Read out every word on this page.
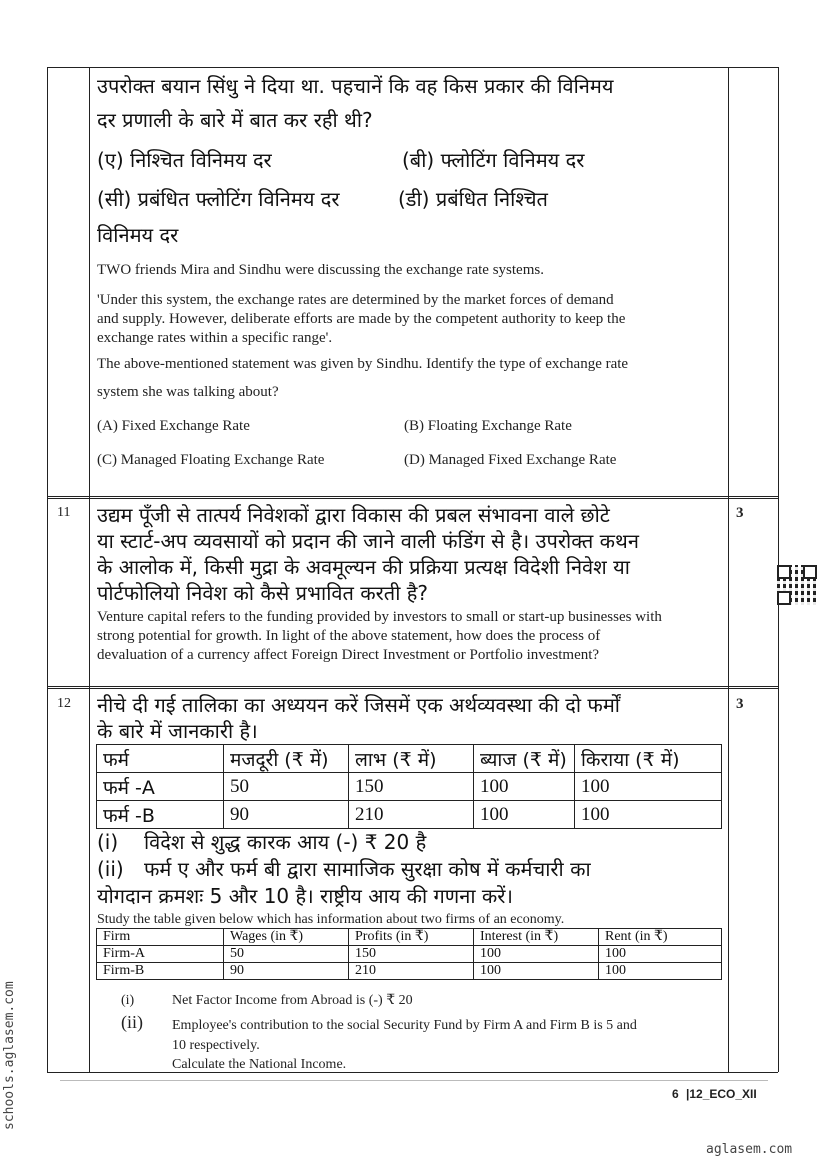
उपरोक्त बयान सिंधु ने दिया था. पहचानें कि वह किस प्रकार की विनिमय
दर प्रणाली के बारे में बात कर रही थी?
(ए) निश्चित विनिमय दर	(बी) फ्लोटिंग विनिमय दर
(सी) प्रबंधित फ्लोटिंग विनिमय दर	(डी) प्रबंधित निश्चित
विनिमय दर
TWO friends Mira and Sindhu were discussing the exchange rate systems.
'Under this system, the exchange rates are determined by the market forces of demand
and supply. However, deliberate efforts are made by the competent authority to keep the
exchange rates within a specific range'.
The above-mentioned statement was given by Sindhu. Identify the type of exchange rate
system she was talking about?
(A) Fixed Exchange Rate	(B) Floating Exchange Rate
(C) Managed Floating Exchange Rate	(D) Managed Fixed Exchange Rate
11	3
उद्यम पूँजी से तात्पर्य निवेशकों द्वारा विकास की प्रबल संभावना वाले छोटे
या स्टार्ट-अप व्यवसायों को प्रदान की जाने वाली फंडिंग से है। उपरोक्त कथन
के आलोक में, किसी मुद्रा के अवमूल्यन की प्रक्रिया प्रत्यक्ष विदेशी निवेश या
पोर्टफोलियो निवेश को कैसे प्रभावित करती है?
Venture capital refers to the funding provided by investors to small or start-up businesses with
strong potential for growth. In light of the above statement, how does the process of
devaluation of a currency affect Foreign Direct Investment or Portfolio investment?
12	3
नीचे दी गई तालिका का अध्ययन करें जिसमें एक अर्थव्यवस्था की दो फर्मों
के बारे में जानकारी है।
फर्म	मजदूरी (₹ में)	लाभ (₹ में)	ब्याज (₹ में)	किराया (₹ में)
फर्म -A	50	150	100	100
फर्म -B	90	210	100	100
(i) विदेश से शुद्ध कारक आय (-) ₹ 20 है
(ii) फर्म ए और फर्म बी द्वारा सामाजिक सुरक्षा कोष में कर्मचारी का
योगदान क्रमशः 5 और 10 है। राष्ट्रीय आय की गणना करें।
Study the table given below which has information about two firms of an economy.
Firm	Wages (in ₹)	Profits (in ₹)	Interest (in ₹)	Rent (in ₹)
Firm-A	50	150	100	100
Firm-B	90	210	100	100
(i)	Net Factor Income from Abroad is (-) ₹ 20
(ii) Employee's contribution to the social Security Fund by Firm A and Firm B is 5 and
10 respectively.
Calculate the National Income.
6 |12_ECO_XII
aglasem.com
schools.aglasem.com
